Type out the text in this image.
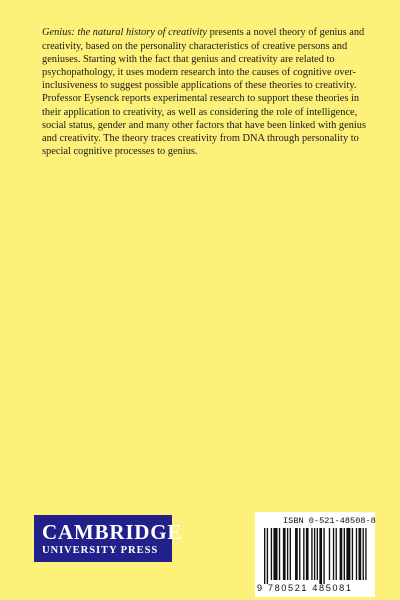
Genius: the natural history of creativity presents a novel theory of genius and creativity, based on the personality characteristics of creative persons and geniuses. Starting with the fact that genius and creativity are related to psychopathology, it uses modern research into the causes of cognitive over-inclusiveness to suggest possible applications of these theories to creativity. Professor Eysenck reports experimental research to support these theories in their application to creativity, as well as considering the role of intelligence, social status, gender and many other factors that have been linked with genius and creativity. The theory traces creativity from DNA through personality to special cognitive processes to genius.

CAMBRIDGE
UNIVERSITY PRESS
ISBN 0-521-48508-8
9 780521 485081
